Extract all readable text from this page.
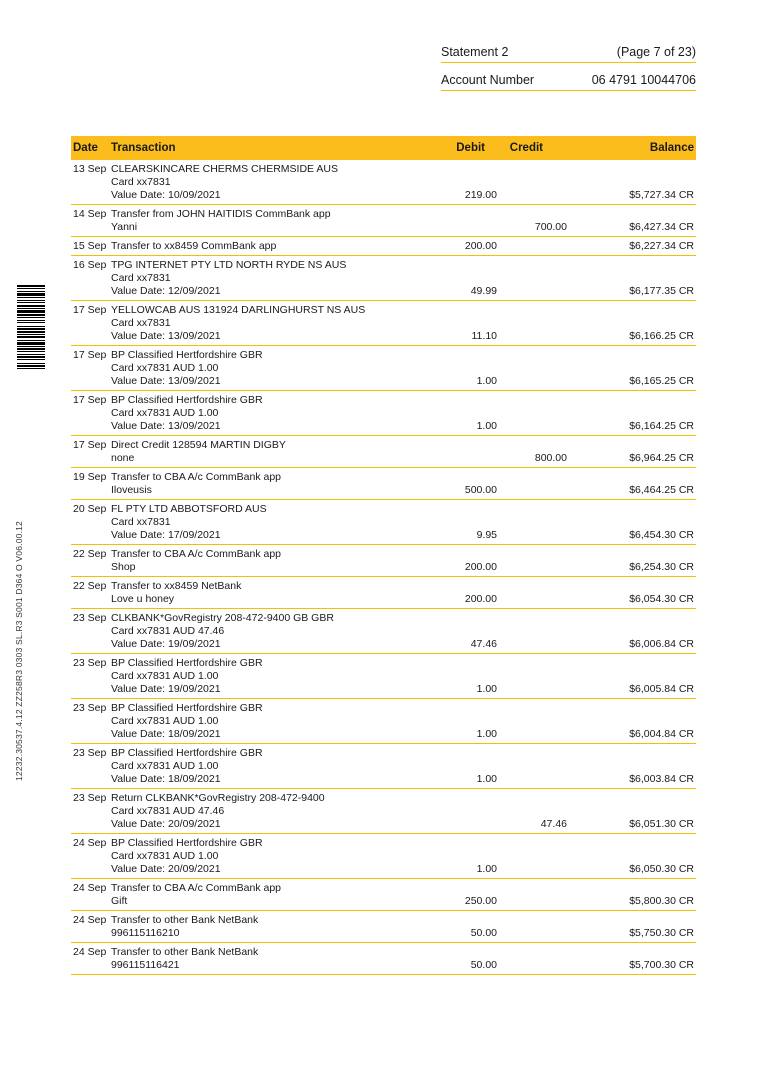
Statement 2	(Page 7 of 23)
Account Number	06 4791 10044706
12232.30537.4.12 ZZ258R3 0303 SL.R3 S001 D364 O V06.00.12
Date	Transaction	Debit	Credit	Balance
13 Sep	CLEARSKINCARE CHERMS CHERMSIDE AUS
Card xx7831
Value Date: 10/09/2021	219.00		$5,727.34 CR
14 Sep	Transfer from JOHN HAITIDIS CommBank app
Yanni		700.00	$6,427.34 CR
15 Sep	Transfer to xx8459 CommBank app	200.00		$6,227.34 CR
16 Sep	TPG INTERNET PTY LTD NORTH RYDE NS AUS
Card xx7831
Value Date: 12/09/2021	49.99		$6,177.35 CR
17 Sep	YELLOWCAB AUS 131924 DARLINGHURST NS AUS
Card xx7831
Value Date: 13/09/2021	11.10		$6,166.25 CR
17 Sep	BP Classified Hertfordshire GBR
Card xx7831 AUD 1.00
Value Date: 13/09/2021	1.00		$6,165.25 CR
17 Sep	BP Classified Hertfordshire GBR
Card xx7831 AUD 1.00
Value Date: 13/09/2021	1.00		$6,164.25 CR
17 Sep	Direct Credit 128594 MARTIN DIGBY
none		800.00	$6,964.25 CR
19 Sep	Transfer to CBA A/c CommBank app
Iloveusis	500.00		$6,464.25 CR
20 Sep	FL PTY LTD ABBOTSFORD AUS
Card xx7831
Value Date: 17/09/2021	9.95		$6,454.30 CR
22 Sep	Transfer to CBA A/c CommBank app
Shop	200.00		$6,254.30 CR
22 Sep	Transfer to xx8459 NetBank
Love u honey	200.00		$6,054.30 CR
23 Sep	CLKBANK*GovRegistry 208-472-9400 GB GBR
Card xx7831 AUD 47.46
Value Date: 19/09/2021	47.46		$6,006.84 CR
23 Sep	BP Classified Hertfordshire GBR
Card xx7831 AUD 1.00
Value Date: 19/09/2021	1.00		$6,005.84 CR
23 Sep	BP Classified Hertfordshire GBR
Card xx7831 AUD 1.00
Value Date: 18/09/2021	1.00		$6,004.84 CR
23 Sep	BP Classified Hertfordshire GBR
Card xx7831 AUD 1.00
Value Date: 18/09/2021	1.00		$6,003.84 CR
23 Sep	Return CLKBANK*GovRegistry 208-472-9400
Card xx7831 AUD 47.46
Value Date: 20/09/2021		47.46	$6,051.30 CR
24 Sep	BP Classified Hertfordshire GBR
Card xx7831 AUD 1.00
Value Date: 20/09/2021	1.00		$6,050.30 CR
24 Sep	Transfer to CBA A/c CommBank app
Gift	250.00		$5,800.30 CR
24 Sep	Transfer to other Bank NetBank
996115116210	50.00		$5,750.30 CR
24 Sep	Transfer to other Bank NetBank
996115116421	50.00		$5,700.30 CR
